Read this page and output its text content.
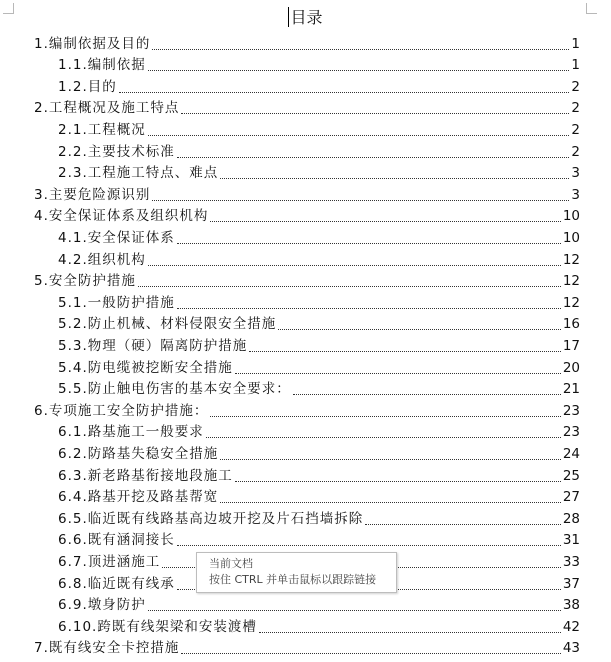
目录
1.编制依据及目的	1
1.1.编制依据	1
1.2.目的	2
2.工程概况及施工特点	2
2.1.工程概况	2
2.2.主要技术标准	2
2.3.工程施工特点、难点	3
3.主要危险源识别	3
4.安全保证体系及组织机构	10
4.1.安全保证体系	10
4.2.组织机构	12
5.安全防护措施	12
5.1.一般防护措施	12
5.2.防止机械、材料侵限安全措施	16
5.3.物理（硬）隔离防护措施	17
5.4.防电缆被挖断安全措施	20
5.5.防止触电伤害的基本安全要求：	21
6.专项施工安全防护措施：	23
6.1.路基施工一般要求	23
6.2.防路基失稳安全措施	24
6.3.新老路基衔接地段施工	25
6.4.路基开挖及路基帮宽	27
6.5.临近既有线路基高边坡开挖及片石挡墙拆除	28
6.6.既有涵洞接长	31
6.7.顶进涵施工	33
6.8.临近既有线承	37
6.9.墩身防护	38
6.10.跨既有线架梁和安装渡槽	42
7.既有线安全卡控措施	43
当前文档
按住 CTRL 并单击鼠标以跟踪链接
